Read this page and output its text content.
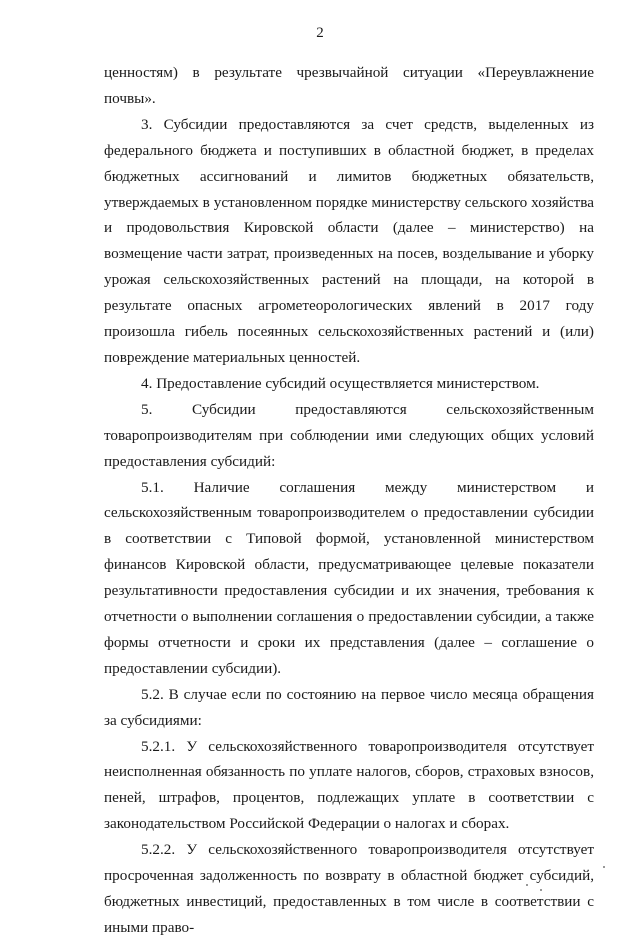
2

ценностям) в результате чрезвычайной ситуации «Переувлажнение почвы».

3. Субсидии предоставляются за счет средств, выделенных из федерального бюджета и поступивших в областной бюджет, в пределах бюджетных ассигнований и лимитов бюджетных обязательств, утверждаемых в установленном порядке министерству сельского хозяйства и продовольствия Кировской области (далее – министерство) на возмещение части затрат, произведенных на посев, возделывание и уборку урожая сельскохозяйственных растений на площади, на которой в результате опасных агрометеорологических явлений в 2017 году произошла гибель посеянных сельскохозяйственных растений и (или) повреждение материальных ценностей.

4. Предоставление субсидий осуществляется министерством.

5. Субсидии предоставляются сельскохозяйственным товаропроизводителям при соблюдении ими следующих общих условий предоставления субсидий:

5.1. Наличие соглашения между министерством и сельскохозяйственным товаропроизводителем о предоставлении субсидии в соответствии с Типовой формой, установленной министерством финансов Кировской области, предусматривающее целевые показатели результативности предоставления субсидии и их значения, требования к отчетности о выполнении соглашения о предоставлении субсидии, а также формы отчетности и сроки их представления (далее – соглашение о предоставлении субсидии).

5.2. В случае если по состоянию на первое число месяца обращения за субсидиями:

5.2.1. У сельскохозяйственного товаропроизводителя отсутствует неисполненная обязанность по уплате налогов, сборов, страховых взносов, пеней, штрафов, процентов, подлежащих уплате в соответствии с законодательством Российской Федерации о налогах и сборах.

5.2.2. У сельскохозяйственного товаропроизводителя отсутствует просроченная задолженность по возврату в областной бюджет субсидий, бюджетных инвестиций, предоставленных в том числе в соответствии с иными право-
